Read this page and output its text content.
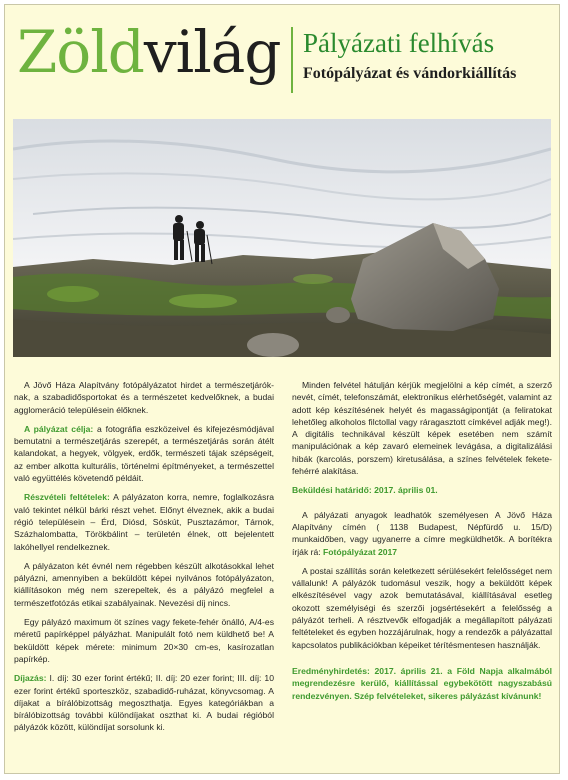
Zöldvilág Pályázati felhívás
Fotópályázat és vándorkiállítás

A Jövő Háza Alapítvány fotópályázatot hirdet a természetjáróknak, a szabadidősportokat és a természetet kedvelőknek, a budai agglomeráció településein élőknek.

A pályázat célja: a fotográfia eszközeivel és kifejezésmódjával bemutatni a természetjárás szerepét, a természetjárás során átélt kalandokat, a hegyek, völgyek, erdők, természeti tájak szépségeit, az ember alkotta kulturális, történelmi építményeket, a természettel való együttélés követendő példáit.

Részvételi feltételek: A pályázaton korra, nemre, foglalkozásra való tekintet nélkül bárki részt vehet. Előnyt élveznek, akik a budai régió településein – Érd, Diósd, Sóskút, Pusztazámor, Tárnok, Százhalombatta, Törökbálint – területén élnek, ott bejelentett lakóhellyel rendelkeznek.

A pályázaton két évnél nem régebben készült alkotásokkal lehet pályázni, amennyiben a beküldött képei nyilvános fotópályázaton, kiállításokon még nem szerepeltek, és a pályázó megfelel a természetfotózás etikai szabályainak. Nevezési díj nincs.

Egy pályázó maximum öt színes vagy fekete-fehér önálló, A/4-es méretű papírképpel pályázhat. Manipulált fotó nem küldhető be! A beküldött képek mérete: minimum 20×30 cm-es, kasírozatlan papírkép.

Díjazás: I. díj: 30 ezer forint értékű; II. díj: 20 ezer forint; III. díj: 10 ezer forint értékű sporteszköz, szabadidő-ruházat, könyvcsomag. A díjakat a bírálóbizottság megoszthatja. Egyes kategóriákban a bírálóbizottság további különdíjakat oszthat ki. A budai régióból pályázók között, különdíjat sorsolunk ki.

Minden felvétel hátulján kérjük megjelölni a kép címét, a szerző nevét, címét, telefonszámát, elektronikus elérhetőségét, valamint az adott kép készítésének helyét és magasságipontját (a feliratokat lehetőleg alkoholos filctollal vagy ráragasztott címkével adják meg!). A digitális technikával készült képek esetében nem számít manipulációnak a kép zavaró elemeinek levágása, a digitalizálási hibák (karcolás, porszem) kiretusálása, a színes felvételek fekete-fehérré alakítása.

Beküldési határidő: 2017. április 01.

A pályázati anyagok leadhatók személyesen A Jövő Háza Alapítvány címén ( 1138 Budapest, Népfürdő u. 15/D) munkaidőben, vagy ugyanerre a címre megküldhetők. A borítékra írják rá: Fotópályázat 2017

A postai szállítás során keletkezett sérülésekért felelősséget nem vállalunk! A pályázók tudomásul veszik, hogy a beküldött képek elkészítésével vagy azok bemutatásával, kiállításával esetleg okozott személyiségi és szerzői jogsértésekért a felelősség a pályázót terheli. A résztvevők elfogadják a megállapított pályázati feltételeket és egyben hozzájárulnak, hogy a rendezők a pályázattal kapcsolatos publikációkban képeiket térítésmentesen használják.

Eredményhirdetés: 2017. április 21. a Föld Napja alkalmából megrendezésre kerülő, kiállítással egybekötött nagyszabású rendezvényen. Szép felvételeket, sikeres pályázást kívánunk!
